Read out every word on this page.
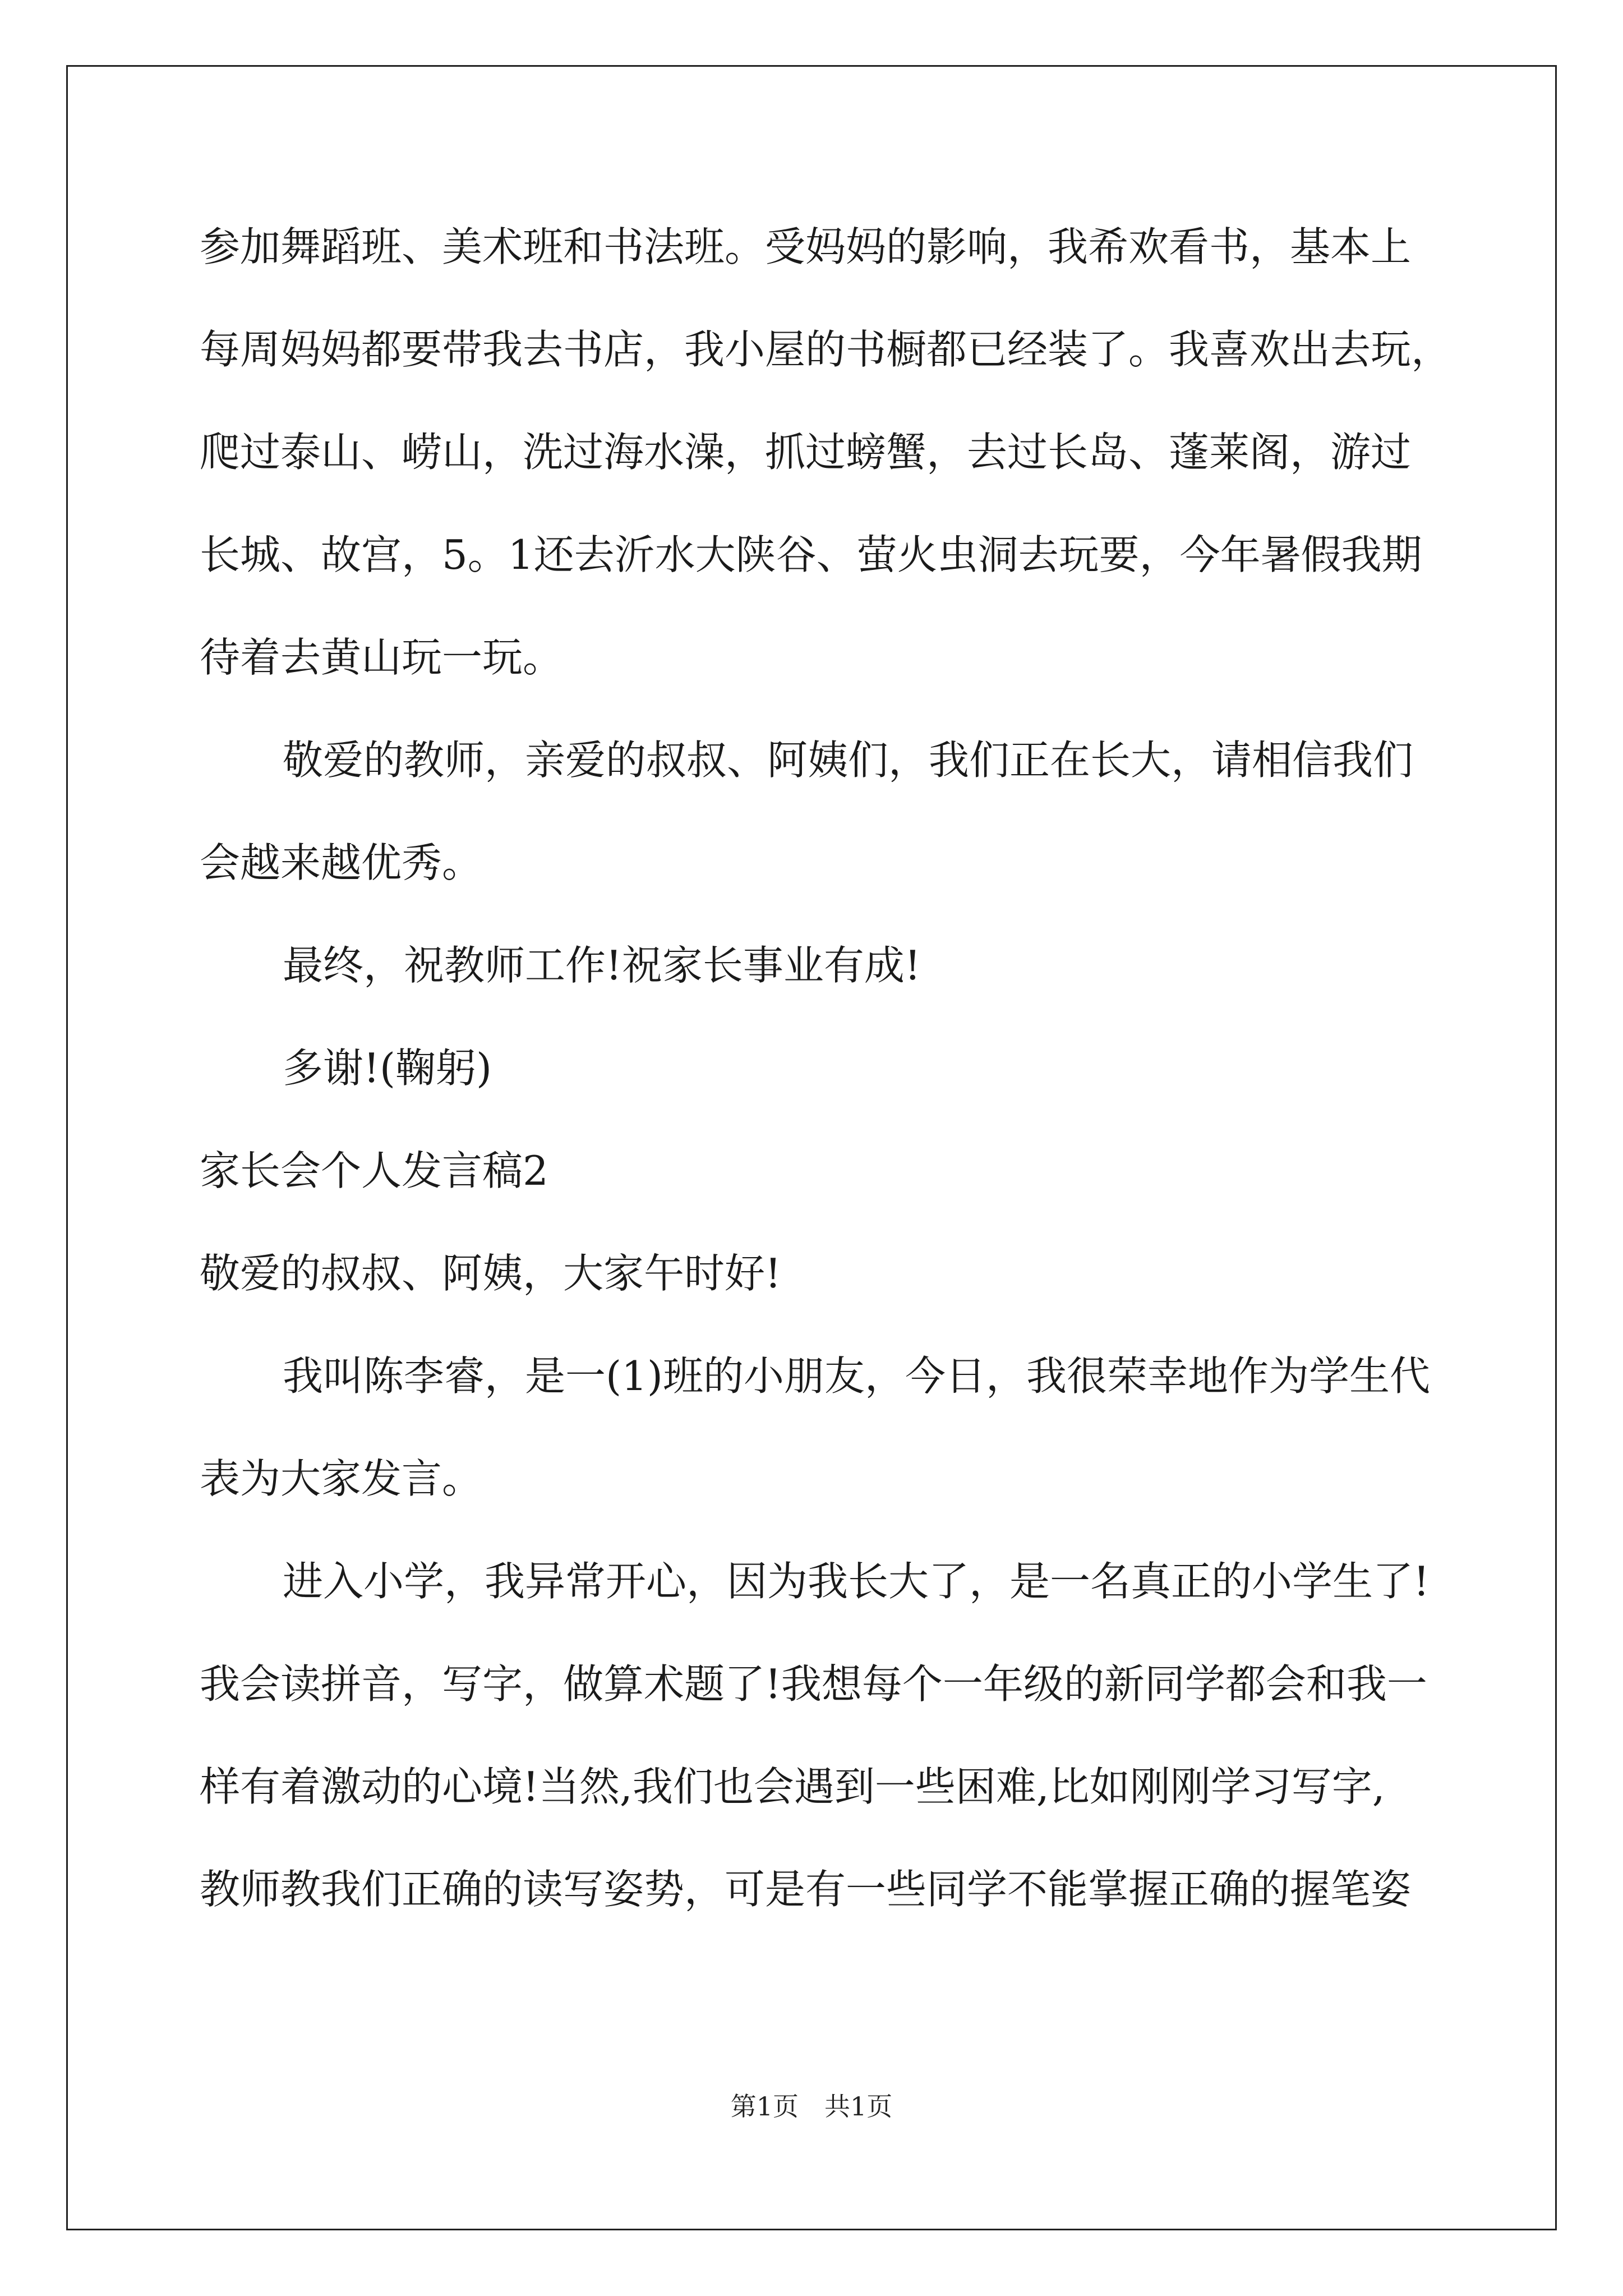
参加舞蹈班、美术班和书法班。受妈妈的影响，我希欢看书，基本上
每周妈妈都要带我去书店，我小屋的书橱都已经装了。我喜欢出去玩，
爬过泰山、崂山，洗过海水澡，抓过螃蟹，去过长岛、蓬莱阁，游过
长城、故宫，5。1还去沂水大陕谷、萤火虫洞去玩要，今年暑假我期
待着去黄山玩一玩。
敬爱的教师，亲爱的叔叔、阿姨们，我们正在长大，请相信我们
会越来越优秀。
最终，祝教师工作!祝家长事业有成!
多谢!(鞠躬)
家长会个人发言稿2
敬爱的叔叔、阿姨，大家午时好!
我叫陈李睿，是一(1)班的小朋友，今日，我很荣幸地作为学生代
表为大家发言。
进入小学，我异常开心，因为我长大了，是一名真正的小学生了!
我会读拼音，写字，做算术题了!我想每个一年级的新同学都会和我一
样有着激动的心境!当然,我们也会遇到一些困难,比如刚刚学习写字,
教师教我们正确的读写姿势，可是有一些同学不能掌握正确的握笔姿
第1页　共1页
